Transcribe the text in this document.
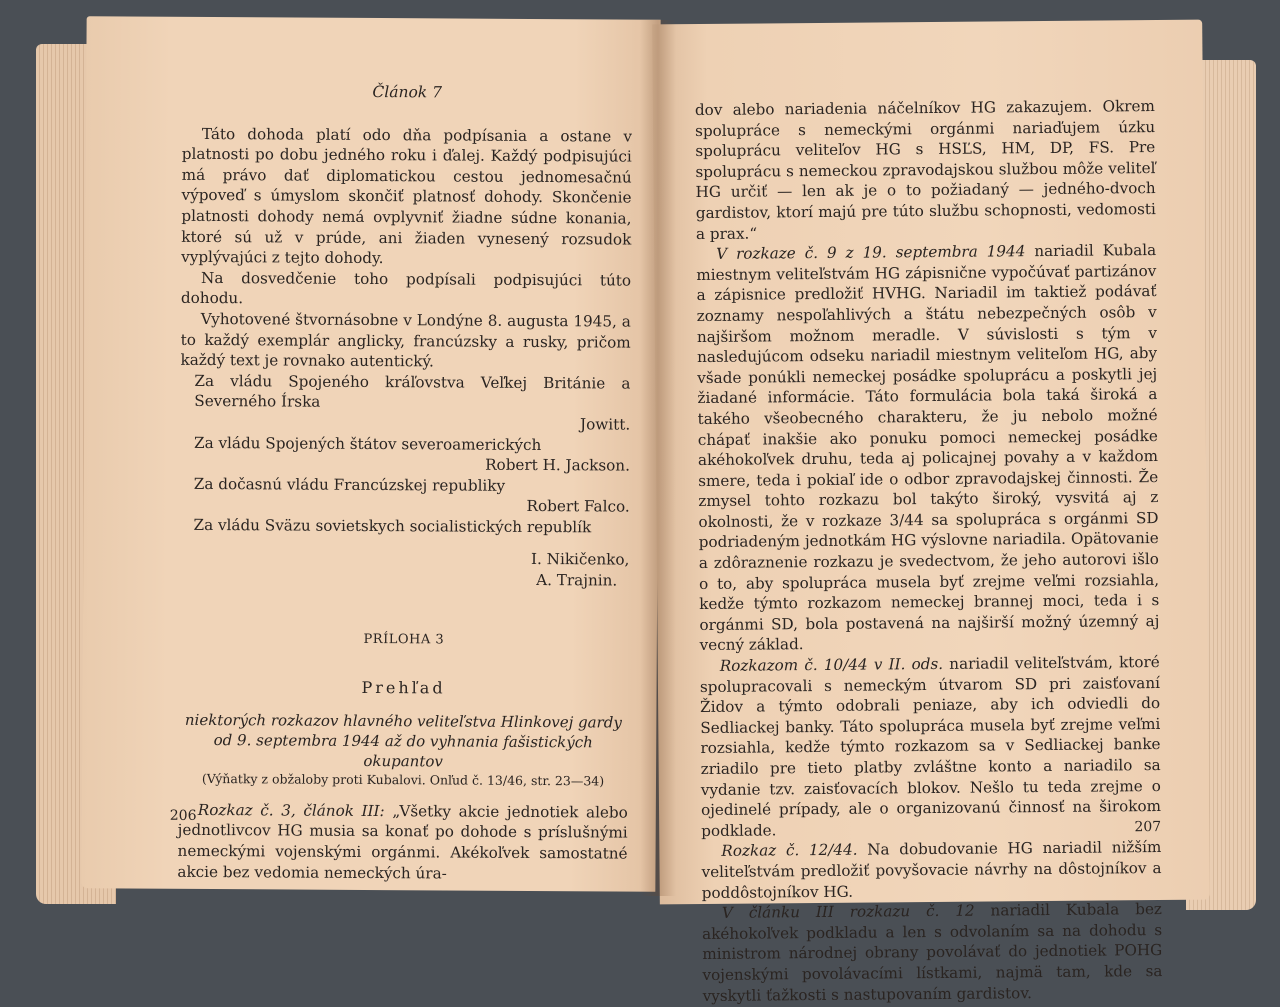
Článok 7

Táto dohoda platí odo dňa podpísania a ostane v platnosti po dobu jedného roku i ďalej. Každý podpisujúci má právo dať diplomatickou cestou jednomesačnú výpoveď s úmyslom skončiť platnosť dohody. Skončenie platnosti dohody nemá ovplyvniť žiadne súdne konania, ktoré sú už v prúde, ani žiaden vynesený rozsudok vyplývajúci z tejto dohody.

Na dosvedčenie toho podpísali podpisujúci túto dohodu.

Vyhotovené štvornásobne v Londýne 8. augusta 1945, a to každý exemplár anglicky, francúzsky a rusky, pričom každý text je rovnako autentický.

Za vládu Spojeného kráľovstva Veľkej Británie a Severného Írska

Jowitt.

Za vládu Spojených štátov severoamerických

Robert H. Jackson.

Za dočasnú vládu Francúzskej republiky

Robert Falco.

Za vládu Sväzu sovietskych socialistických republík

I. Nikičenko,

A. Trajnin.

PRÍLOHA 3

Prehľad

niektorých rozkazov hlavného veliteľstva Hlinkovej gardy

od 9. septembra 1944 až do vyhnania fašistických okupantov

(Výňatky z obžaloby proti Kubalovi. Onľud č. 13/46, str. 23—34)

Rozkaz č. 3, článok III: „Všetky akcie jednotiek alebo jednotlivcov HG musia sa konať po dohode s príslušnými nemeckými vojenskými orgánmi. Akékoľvek samostatné akcie bez vedomia nemeckých úra-

206

dov alebo nariadenia náčelníkov HG zakazujem. Okrem spolupráce s nemeckými orgánmi nariaďujem úzku spoluprácu veliteľov HG s HSĽS, HM, DP, FS. Pre spoluprácu s nemeckou zpravodajskou službou môže veliteľ HG určiť — len ak je o to požiadaný — jedného-dvoch gardistov, ktorí majú pre túto službu schopnosti, vedomosti a prax.“

V rozkaze č. 9 z 19. septembra 1944 nariadil Kubala miestnym veliteľstvám HG zápisnične vypočúvať partizánov a zápisnice predložiť HVHG. Nariadil im taktiež podávať zoznamy nespoľahlivých a štátu nebezpečných osôb v najširšom možnom meradle. V súvislosti s tým v nasledujúcom odseku nariadil miestnym veliteľom HG, aby všade ponúkli nemeckej posádke spoluprácu a poskytli jej žiadané informácie. Táto formulácia bola taká široká a takého všeobecného charakteru, že ju nebolo možné chápať inakšie ako ponuku pomoci nemeckej posádke akéhokoľvek druhu, teda aj policajnej povahy a v každom smere, teda i pokiaľ ide o odbor zpravodajskej činnosti. Že zmysel tohto rozkazu bol takýto široký, vysvitá aj z okolnosti, že v rozkaze 3/44 sa spolupráca s orgánmi SD podriadeným jednotkám HG výslovne nariadila. Opätovanie a zdôraznenie rozkazu je svedectvom, že jeho autorovi išlo o to, aby spolupráca musela byť zrejme veľmi rozsiahla, kedže týmto rozkazom nemeckej brannej moci, teda i s orgánmi SD, bola postavená na najširší možný územný aj vecný základ.

Rozkazom č. 10/44 v II. ods. nariadil veliteľstvám, ktoré spolupracovali s nemeckým útvarom SD pri zaisťovaní Židov a týmto odobrali peniaze, aby ich odviedli do Sedliackej banky. Táto spolupráca musela byť zrejme veľmi rozsiahla, kedže týmto rozkazom sa v Sedliackej banke zriadilo pre tieto platby zvláštne konto a nariadilo sa vydanie tzv. zaisťovacích blokov. Nešlo tu teda zrejme o ojedinelé prípady, ale o organizovanú činnosť na širokom podklade.

Rozkaz č. 12/44. Na dobudovanie HG nariadil nižším veliteľstvám predložiť povyšovacie návrhy na dôstojníkov a poddôstojníkov HG.

V článku III rozkazu č. 12 nariadil Kubala bez akéhokoľvek podkladu a len s odvolaním sa na dohodu s ministrom národnej obrany povolávať do jednotiek POHG vojenskými povolávacími lístkami, najmä tam, kde sa vyskytli ťažkosti s nastupovaním gardistov.

207
